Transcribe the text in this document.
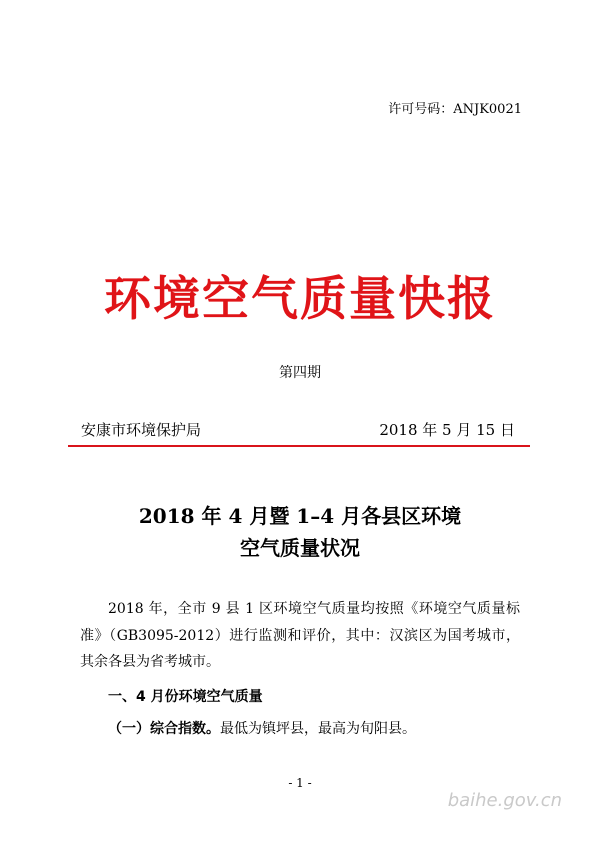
许可号码：ANJK0021
环境空气质量快报
第四期
安康市环境保护局	2018 年 5 月 15 日
2018 年 4 月暨 1–4 月各县区环境
空气质量状况
2018 年，全市 9 县 1 区环境空气质量均按照《环境空气质量标准》（GB3095-2012）进行监测和评价，其中：汉滨区为国考城市，其余各县为省考城市。
一、4 月份环境空气质量
（一）综合指数。最低为镇坪县，最高为旬阳县。
- 1 -
baihe.gov.cn
